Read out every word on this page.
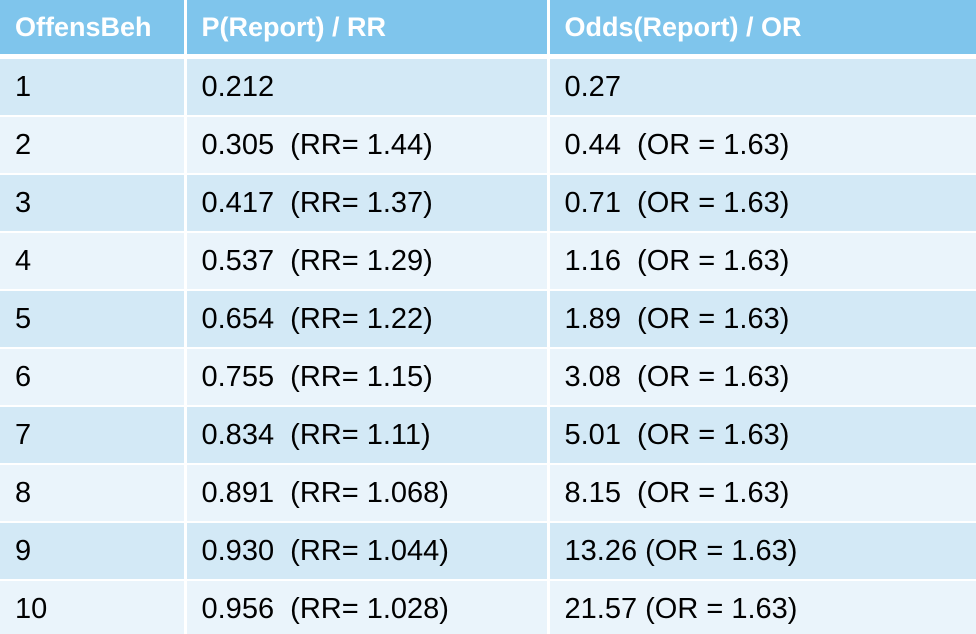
OffensBeh	P(Report) / RR	Odds(Report) / OR
1	0.212	0.27
2	0.305  (RR= 1.44)	0.44  (OR = 1.63)
3	0.417  (RR= 1.37)	0.71  (OR = 1.63)
4	0.537  (RR= 1.29)	1.16  (OR = 1.63)
5	0.654  (RR= 1.22)	1.89  (OR = 1.63)
6	0.755  (RR= 1.15)	3.08  (OR = 1.63)
7	0.834  (RR= 1.11)	5.01  (OR = 1.63)
8	0.891  (RR= 1.068)	8.15  (OR = 1.63)
9	0.930  (RR= 1.044)	13.26 (OR = 1.63)
10	0.956  (RR= 1.028)	21.57 (OR = 1.63)
